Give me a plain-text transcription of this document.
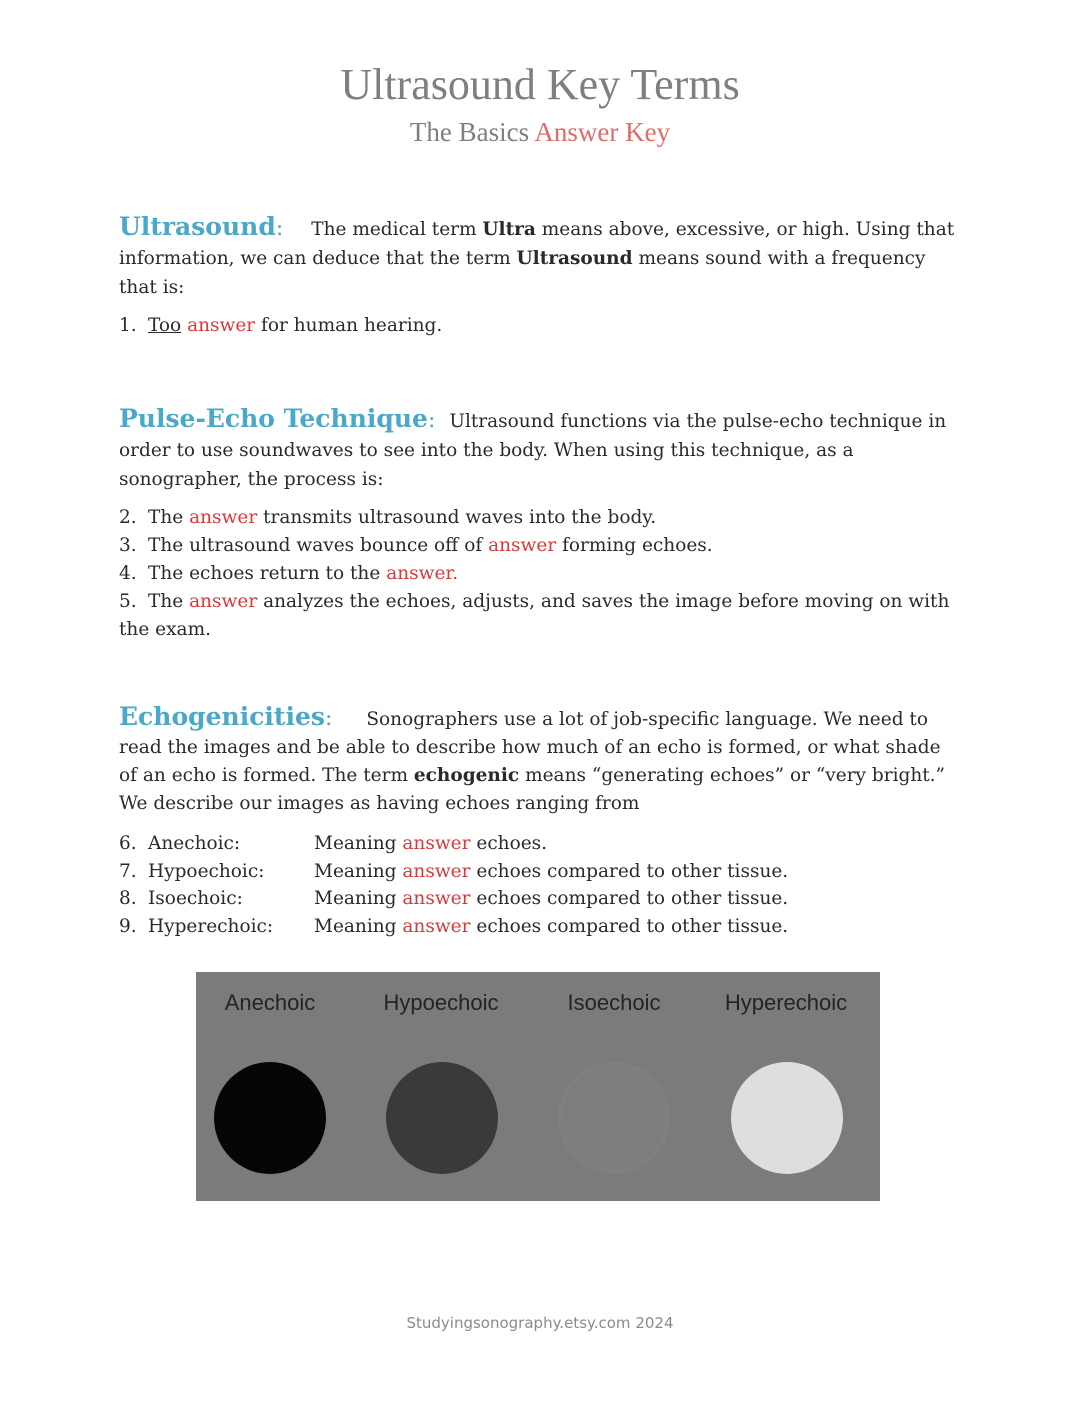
Ultrasound Key Terms
The Basics Answer Key

Ultrasound: The medical term Ultra means above, excessive, or high. Using that information, we can deduce that the term Ultrasound means sound with a frequency that is:

1. Too answer for human hearing.

Pulse-Echo Technique: Ultrasound functions via the pulse-echo technique in order to use soundwaves to see into the body. When using this technique, as a sonographer, the process is:

2. The answer transmits ultrasound waves into the body.
3. The ultrasound waves bounce off of answer forming echoes.
4. The echoes return to the answer.
5. The answer analyzes the echoes, adjusts, and saves the image before moving on with the exam.

Echogenicities: Sonographers use a lot of job-specific language. We need to read the images and be able to describe how much of an echo is formed, or what shade of an echo is formed. The term echogenic means “generating echoes” or “very bright.” We describe our images as having echoes ranging from

6. Anechoic:	Meaning answer echoes.
7. Hypoechoic:	Meaning answer echoes compared to other tissue.
8. Isoechoic:	Meaning answer echoes compared to other tissue.
9. Hyperechoic: Meaning answer echoes compared to other tissue.
Anechoic	Hypoechoic	Isoechoic	Hyperechoic
Studyingsonography.etsy.com 2024
